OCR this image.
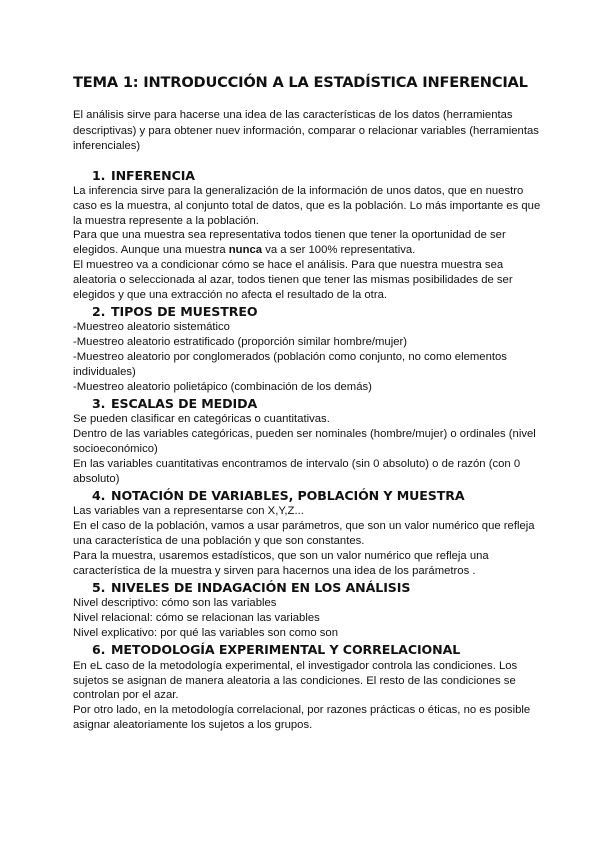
TEMA 1: INTRODUCCIÓN A LA ESTADÍSTICA INFERENCIAL

El análisis sirve para hacerse una idea de las características de los datos (herramientas descriptivas) y para obtener nuev información, comparar o relacionar variables (herramientas inferenciales)

1. INFERENCIA

La inferencia sirve para la generalización de la información de unos datos, que en nuestro caso es la muestra, al conjunto total de datos, que es la población. Lo más importante es que la muestra represente a la población.

Para que una muestra sea representativa todos tienen que tener la oportunidad de ser elegidos. Aunque una muestra nunca va a ser 100% representativa.

El muestreo va a condicionar cómo se hace el análisis. Para que nuestra muestra sea aleatoria o seleccionada al azar, todos tienen que tener las mismas posibilidades de ser elegidos y que una extracción no afecta el resultado de la otra.

2. TIPOS DE MUESTREO

-Muestreo aleatorio sistemático

-Muestreo aleatorio estratificado (proporción similar hombre/mujer)

-Muestreo aleatorio por conglomerados (población como conjunto, no como elementos individuales)

-Muestreo aleatorio polietápico (combinación de los demás)

3. ESCALAS DE MEDIDA

Se pueden clasificar en categóricas o cuantitativas.

Dentro de las variables categóricas, pueden ser nominales (hombre/mujer) o ordinales (nivel socioeconómico)

En las variables cuantitativas encontramos de intervalo (sin 0 absoluto) o de razón (con 0 absoluto)

4. NOTACIÓN DE VARIABLES, POBLACIÓN Y MUESTRA

Las variables van a representarse con X,Y,Z...

En el caso de la población, vamos a usar parámetros, que son un valor numérico que refleja una característica de una población y que son constantes.

Para la muestra, usaremos estadísticos, que son un valor numérico que refleja una característica de la muestra y sirven para hacernos una idea de los parámetros .

5. NIVELES DE INDAGACIÓN EN LOS ANÁLISIS

Nivel descriptivo: cómo son las variables

Nivel relacional: cómo se relacionan las variables

Nivel explicativo: por qué las variables son como son

6. METODOLOGÍA EXPERIMENTAL Y CORRELACIONAL

En eL caso de la metodología experimental, el investigador controla las condiciones. Los sujetos se asignan de manera aleatoria a las condiciones. El resto de las condiciones se controlan por el azar.

Por otro lado, en la metodología correlacional, por razones prácticas o éticas, no es posible asignar aleatoriamente los sujetos a los grupos.
